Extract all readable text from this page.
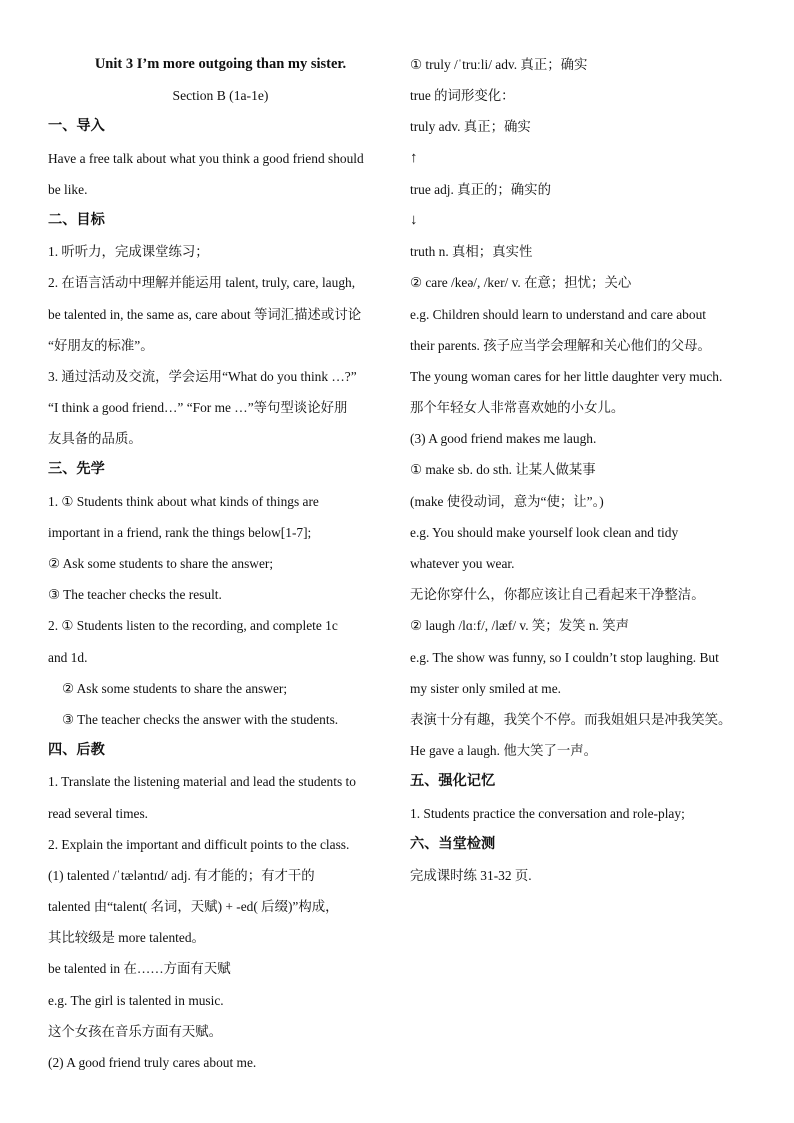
Unit 3 I’m more outgoing than my sister.
Section B (1a-1e)
一、导入
Have a free talk about what you think a good friend should
be like.
二、目标
1. 听听力，完成课堂练习；
2. 在语言活动中理解并能运用 talent, truly, care, laugh,
be talented in, the same as, care about 等词汇描述或讨论
“好朋友的标准”。
3. 通过活动及交流，学会运用“What do you think …?”
“I think a good friend…” “For me …”等句型谈论好朋
友具备的品质。
三、先学
1. ① Students think about what kinds of things are
important in a friend, rank the things below[1-7];
② Ask some students to share the answer;
③ The teacher checks the result.
2. ① Students listen to the recording, and complete 1c
and 1d.
② Ask some students to share the answer;
③ The teacher checks the answer with the students.
四、后教
1. Translate the listening material and lead the students to
read several times.
2. Explain the important and difficult points to the class.
(1) talented /ˈtæləntɪd/ adj. 有才能的；有才干的
talented 由“talent( 名词，天赋) + -ed( 后缀)”构成，
其比较级是 more talented。
be talented in 在……方面有天赋
e.g. The girl is talented in music.
这个女孩在音乐方面有天赋。
(2) A good friend truly cares about me.
① truly /ˈtruːli/ adv. 真正；确实
true 的词形变化：
truly adv. 真正；确实
↑
true adj. 真正的；确实的
↓
truth n. 真相；真实性
② care /keə/, /ker/ v. 在意；担忧；关心
e.g. Children should learn to understand and care about
their parents. 孩子应当学会理解和关心他们的父母。
The young woman cares for her little daughter very much.
那个年轻女人非常喜欢她的小女儿。
(3) A good friend makes me laugh.
① make sb. do sth. 让某人做某事
(make 使役动词，意为“使；让”。)
e.g. You should make yourself look clean and tidy
whatever you wear.
无论你穿什么，你都应该让自己看起来干净整洁。
② laugh /lɑːf/, /læf/ v. 笑；发笑 n. 笑声
e.g. The show was funny, so I couldn’t stop laughing. But
my sister only smiled at me.
表演十分有趣，我笑个不停。而我姐姐只是冲我笑笑。
He gave a laugh. 他大笑了一声。
五、强化记忆
1. Students practice the conversation and role-play;
六、当堂检测
完成课时练 31-32 页.
